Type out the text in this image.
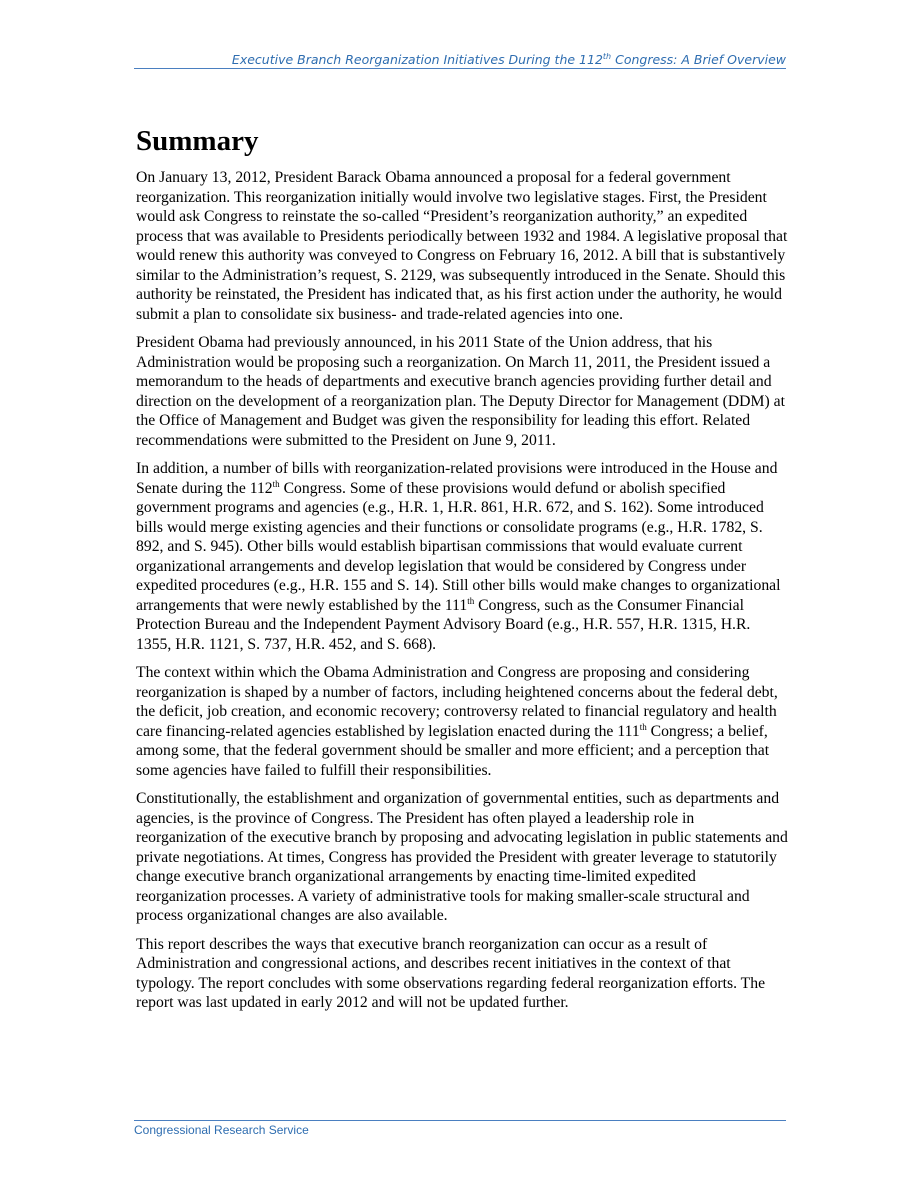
Executive Branch Reorganization Initiatives During the 112th Congress: A Brief Overview
Summary

On January 13, 2012, President Barack Obama announced a proposal for a federal government reorganization. This reorganization initially would involve two legislative stages. First, the President would ask Congress to reinstate the so-called “President’s reorganization authority,” an expedited process that was available to Presidents periodically between 1932 and 1984. A legislative proposal that would renew this authority was conveyed to Congress on February 16, 2012. A bill that is substantively similar to the Administration’s request, S. 2129, was subsequently introduced in the Senate. Should this authority be reinstated, the President has indicated that, as his first action under the authority, he would submit a plan to consolidate six business- and trade-related agencies into one.

President Obama had previously announced, in his 2011 State of the Union address, that his Administration would be proposing such a reorganization. On March 11, 2011, the President issued a memorandum to the heads of departments and executive branch agencies providing further detail and direction on the development of a reorganization plan. The Deputy Director for Management (DDM) at the Office of Management and Budget was given the responsibility for leading this effort. Related recommendations were submitted to the President on June 9, 2011.

In addition, a number of bills with reorganization-related provisions were introduced in the House and Senate during the 112th Congress. Some of these provisions would defund or abolish specified government programs and agencies (e.g., H.R. 1, H.R. 861, H.R. 672, and S. 162). Some introduced bills would merge existing agencies and their functions or consolidate programs (e.g., H.R. 1782, S. 892, and S. 945). Other bills would establish bipartisan commissions that would evaluate current organizational arrangements and develop legislation that would be considered by Congress under expedited procedures (e.g., H.R. 155 and S. 14). Still other bills would make changes to organizational arrangements that were newly established by the 111th Congress, such as the Consumer Financial Protection Bureau and the Independent Payment Advisory Board (e.g., H.R. 557, H.R. 1315, H.R. 1355, H.R. 1121, S. 737, H.R. 452, and S. 668).

The context within which the Obama Administration and Congress are proposing and considering reorganization is shaped by a number of factors, including heightened concerns about the federal debt, the deficit, job creation, and economic recovery; controversy related to financial regulatory and health care financing-related agencies established by legislation enacted during the 111th Congress; a belief, among some, that the federal government should be smaller and more efficient; and a perception that some agencies have failed to fulfill their responsibilities.

Constitutionally, the establishment and organization of governmental entities, such as departments and agencies, is the province of Congress. The President has often played a leadership role in reorganization of the executive branch by proposing and advocating legislation in public statements and private negotiations. At times, Congress has provided the President with greater leverage to statutorily change executive branch organizational arrangements by enacting time-limited expedited reorganization processes. A variety of administrative tools for making smaller-scale structural and process organizational changes are also available.

This report describes the ways that executive branch reorganization can occur as a result of Administration and congressional actions, and describes recent initiatives in the context of that typology. The report concludes with some observations regarding federal reorganization efforts. The report was last updated in early 2012 and will not be updated further.

Congressional Research Service
